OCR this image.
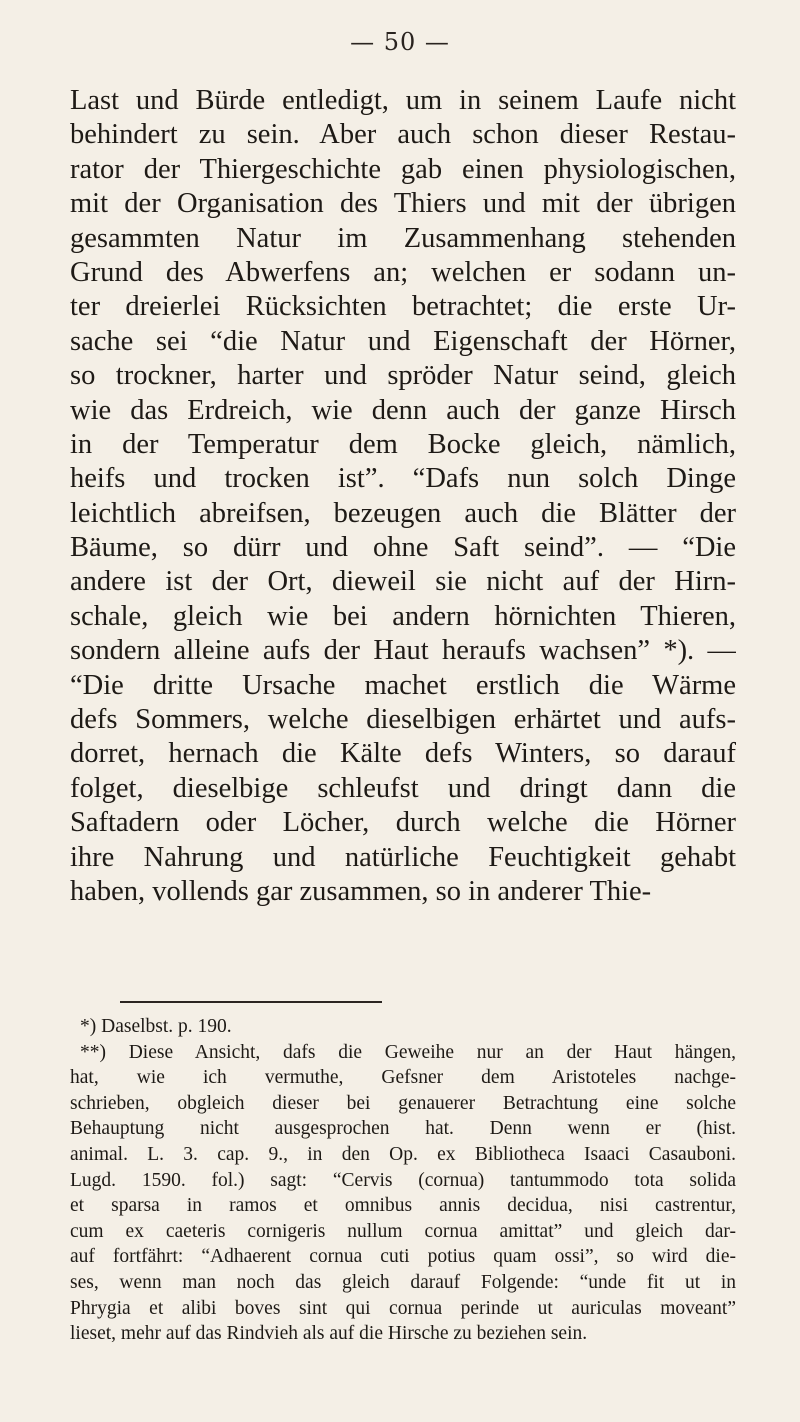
— 50 —
Last und Bürde entledigt, um in seinem Laufe nicht
behindert zu sein. Aber auch schon dieser Restau-
rator der Thiergeschichte gab einen physiologischen,
mit der Organisation des Thiers und mit der übrigen
gesammten Natur im Zusammenhang stehenden
Grund des Abwerfens an; welchen er sodann un-
ter dreierlei Rücksichten betrachtet; die erste Ur-
sache sei “die Natur und Eigenschaft der Hörner,
so trockner, harter und spröder Natur seind, gleich
wie das Erdreich, wie denn auch der ganze Hirsch
in der Temperatur dem Bocke gleich, nämlich,
heifs und trocken ist”. “Dafs nun solch Dinge
leichtlich abreifsen, bezeugen auch die Blätter der
Bäume, so dürr und ohne Saft seind”. — “Die
andere ist der Ort, dieweil sie nicht auf der Hirn-
schale, gleich wie bei andern hörnichten Thieren,
sondern alleine aufs der Haut heraufs wachsen” *). —
“Die dritte Ursache machet erstlich die Wärme
defs Sommers, welche dieselbigen erhärtet und aufs-
dorret, hernach die Kälte defs Winters, so darauf
folget, dieselbige schleufst und dringt dann die
Saftadern oder Löcher, durch welche die Hörner
ihre Nahrung und natürliche Feuchtigkeit gehabt
haben, vollends gar zusammen, so in anderer Thie-
*) Daselbst. p. 190.
**) Diese Ansicht, dafs die Geweihe nur an der Haut hängen,
hat, wie ich vermuthe, Gefsner dem Aristoteles nachge-
schrieben, obgleich dieser bei genauerer Betrachtung eine solche
Behauptung nicht ausgesprochen hat. Denn wenn er (hist.
animal. L. 3. cap. 9., in den Op. ex Bibliotheca Isaaci Casauboni.
Lugd. 1590. fol.) sagt: “Cervis (cornua) tantummodo tota solida
et sparsa in ramos et omnibus annis decidua, nisi castrentur,
cum ex caeteris cornigeris nullum cornua amittat” und gleich dar-
auf fortfährt: “Adhaerent cornua cuti potius quam ossi”, so wird die-
ses, wenn man noch das gleich darauf Folgende: “unde fit ut in
Phrygia et alibi boves sint qui cornua perinde ut auriculas moveant”
lieset, mehr auf das Rindvieh als auf die Hirsche zu beziehen sein.
